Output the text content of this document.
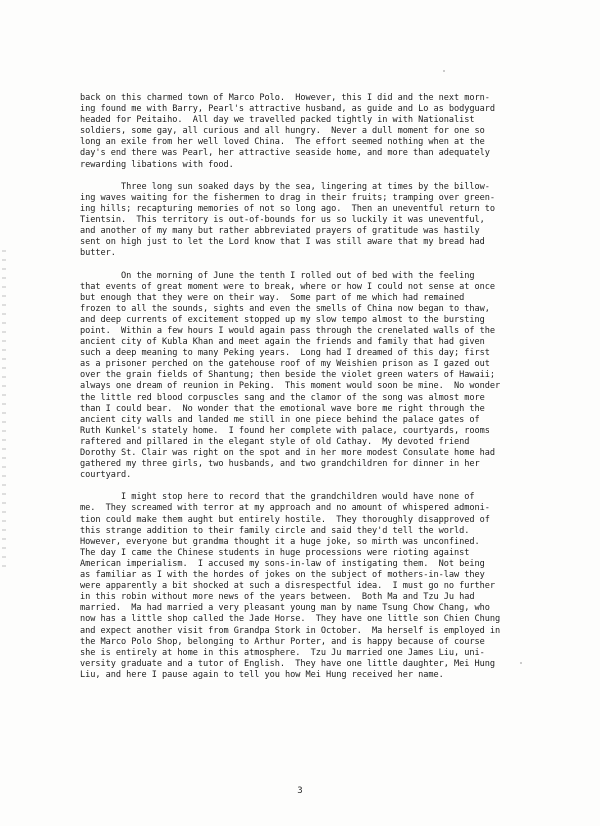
back on this charmed town of Marco Polo.  However, this I did and the next morn-
ing found me with Barry, Pearl's attractive husband, as guide and Lo as bodyguard
headed for Peitaiho.  All day we travelled packed tightly in with Nationalist
soldiers, some gay, all curious and all hungry.  Never a dull moment for one so
long an exile from her well loved China.  The effort seemed nothing when at the
day's end there was Pearl, her attractive seaside home, and more than adequately
rewarding libations with food.

Three long sun soaked days by the sea, lingering at times by the billow-
ing waves waiting for the fishermen to drag in their fruits; tramping over green-
ing hills; recapturing memories of not so long ago.  Then an uneventful return to
Tientsin.  This territory is out-of-bounds for us so luckily it was uneventful,
and another of my many but rather abbreviated prayers of gratitude was hastily
sent on high just to let the Lord know that I was still aware that my bread had
butter.

On the morning of June the tenth I rolled out of bed with the feeling
that events of great moment were to break, where or how I could not sense at once
but enough that they were on their way.  Some part of me which had remained
frozen to all the sounds, sights and even the smells of China now began to thaw,
and deep currents of excitement stopped up my slow tempo almost to the bursting
point.  Within a few hours I would again pass through the crenelated walls of the
ancient city of Kubla Khan and meet again the friends and family that had given
such a deep meaning to many Peking years.  Long had I dreamed of this day; first
as a prisoner perched on the gatehouse roof of my Weishien prison as I gazed out
over the grain fields of Shantung; then beside the violet green waters of Hawaii;
always one dream of reunion in Peking.  This moment would soon be mine.  No wonder
the little red blood corpuscles sang and the clamor of the song was almost more
than I could bear.  No wonder that the emotional wave bore me right through the
ancient city walls and landed me still in one piece behind the palace gates of
Ruth Kunkel's stately home.  I found her complete with palace, courtyards, rooms
raftered and pillared in the elegant style of old Cathay.  My devoted friend
Dorothy St. Clair was right on the spot and in her more modest Consulate home had
gathered my three girls, two husbands, and two grandchildren for dinner in her
courtyard.

I might stop here to record that the grandchildren would have none of
me.  They screamed with terror at my approach and no amount of whispered admoni-
tion could make them aught but entirely hostile.  They thoroughly disapproved of
this strange addition to their family circle and said they'd tell the world.
However, everyone but grandma thought it a huge joke, so mirth was unconfined.
The day I came the Chinese students in huge processions were rioting against
American imperialism.  I accused my sons-in-law of instigating them.  Not being
as familiar as I with the hordes of jokes on the subject of mothers-in-law they
were apparently a bit shocked at such a disrespectful idea.  I must go no further
in this robin without more news of the years between.  Both Ma and Tzu Ju had
married.  Ma had married a very pleasant young man by name Tsung Chow Chang, who
now has a little shop called the Jade Horse.  They have one little son Chien Chung
and expect another visit from Grandpa Stork in October.  Ma herself is employed in
the Marco Polo Shop, belonging to Arthur Porter, and is happy because of course
she is entirely at home in this atmosphere.  Tzu Ju married one James Liu, uni-
versity graduate and a tutor of English.  They have one little daughter, Mei Hung
Liu, and here I pause again to tell you how Mei Hung received her name.

3
